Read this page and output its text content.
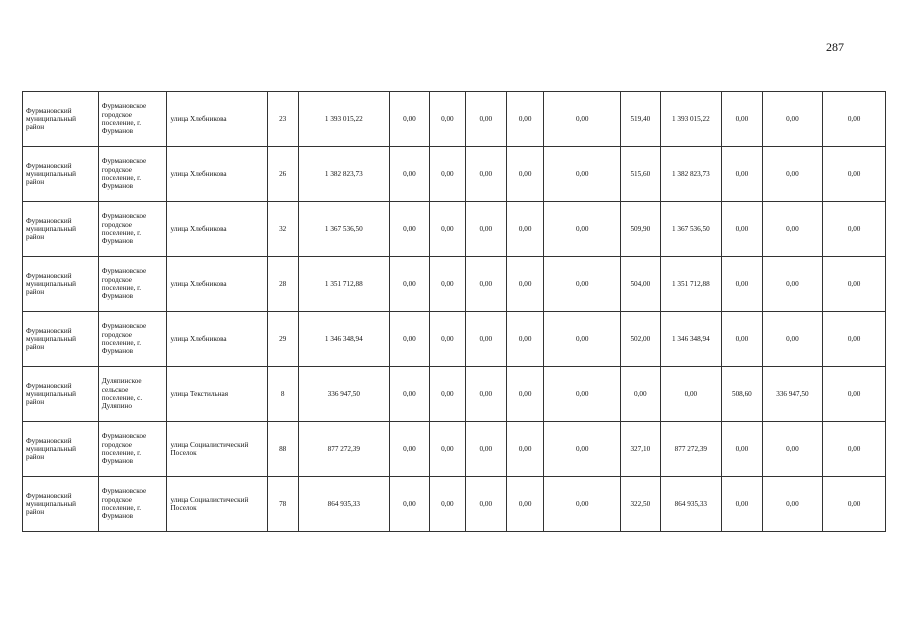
287
Фурмановский муниципальный район	Фурмановское городское поселение, г. Фурманов	улица Хлебникова	23	1 393 015,22	0,00	0,00	0,00	0,00	0,00	519,40	1 393 015,22	0,00	0,00	0,00
Фурмановский муниципальный район	Фурмановское городское поселение, г. Фурманов	улица Хлебникова	26	1 382 823,73	0,00	0,00	0,00	0,00	0,00	515,60	1 382 823,73	0,00	0,00	0,00
Фурмановский муниципальный район	Фурмановское городское поселение, г. Фурманов	улица Хлебникова	32	1 367 536,50	0,00	0,00	0,00	0,00	0,00	509,90	1 367 536,50	0,00	0,00	0,00
Фурмановский муниципальный район	Фурмановское городское поселение, г. Фурманов	улица Хлебникова	28	1 351 712,88	0,00	0,00	0,00	0,00	0,00	504,00	1 351 712,88	0,00	0,00	0,00
Фурмановский муниципальный район	Фурмановское городское поселение, г. Фурманов	улица Хлебникова	29	1 346 348,94	0,00	0,00	0,00	0,00	0,00	502,00	1 346 348,94	0,00	0,00	0,00
Фурмановский муниципальный район	Дуляпинское сельское поселение, с. Дуляпино	улица Текстильная	8	336 947,50	0,00	0,00	0,00	0,00	0,00	0,00	0,00	508,60	336 947,50	0,00
Фурмановский муниципальный район	Фурмановское городское поселение, г. Фурманов	улица Социалистический Поселок	88	877 272,39	0,00	0,00	0,00	0,00	0,00	327,10	877 272,39	0,00	0,00	0,00
Фурмановский муниципальный район	Фурмановское городское поселение, г. Фурманов	улица Социалистический Поселок	78	864 935,33	0,00	0,00	0,00	0,00	0,00	322,50	864 935,33	0,00	0,00	0,00
